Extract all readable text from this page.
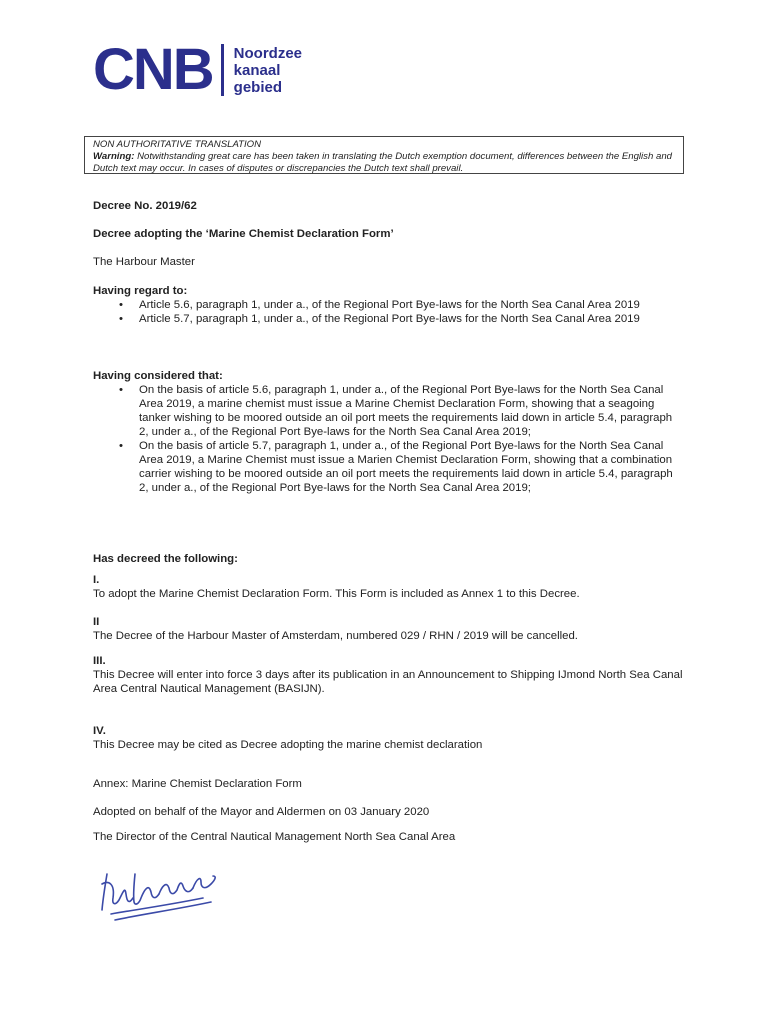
CNB Noordzee
kanaal
gebied
NON AUTHORITATIVE TRANSLATION
Warning: Notwithstanding great care has been taken in translating the Dutch exemption document, differences between the English and Dutch text may occur. In cases of disputes or discrepancies the Dutch text shall prevail.
Decree No. 2019/62
Decree adopting the ‘Marine Chemist Declaration Form’
The Harbour Master
Having regard to:
• Article 5.6, paragraph 1, under a., of the Regional Port Bye-laws for the North Sea Canal Area 2019
• Article 5.7, paragraph 1, under a., of the Regional Port Bye-laws for the North Sea Canal Area 2019
Having considered that:
• On the basis of article 5.6, paragraph 1, under a., of the Regional Port Bye-laws for the North Sea Canal Area 2019, a marine chemist must issue a Marine Chemist Declaration Form, showing that a seagoing tanker wishing to be moored outside an oil port meets the requirements laid down in article 5.4, paragraph 2, under a., of the Regional Port Bye-laws for the North Sea Canal Area 2019;
• On the basis of article 5.7, paragraph 1, under a., of the Regional Port Bye-laws for the North Sea Canal Area 2019, a Marine Chemist must issue a Marien Chemist Declaration Form, showing that a combination carrier wishing to be moored outside an oil port meets the requirements laid down in article 5.4, paragraph 2, under a., of the Regional Port Bye-laws for the North Sea Canal Area 2019;
Has decreed the following:
I.
To adopt the Marine Chemist Declaration Form. This Form is included as Annex 1 to this Decree.
II
The Decree of the Harbour Master of Amsterdam, numbered 029 / RHN / 2019 will be cancelled.
III.
This Decree will enter into force 3 days after its publication in an Announcement to Shipping IJmond North Sea Canal Area Central Nautical Management (BASIJN).
IV.
This Decree may be cited as Decree adopting the marine chemist declaration
Annex: Marine Chemist Declaration Form
Adopted on behalf of the Mayor and Aldermen on 03 January 2020
The Director of the Central Nautical Management North Sea Canal Area
